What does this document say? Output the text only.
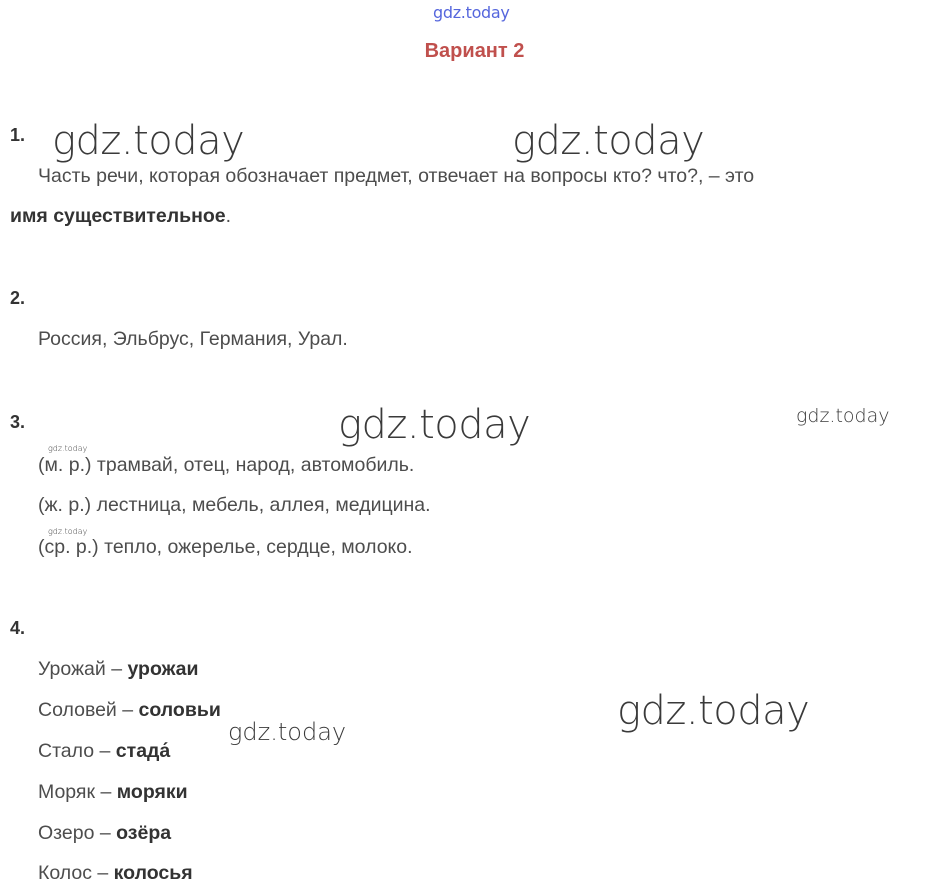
gdz.today
Вариант 2
1.
Часть речи, которая обозначает предмет, отвечает на вопросы кто? что?, – это
имя существительное.
2.
Россия, Эльбрус, Германия, Урал.
3.
(м. р.) трамвай, отец, народ, автомобиль.
(ж. р.) лестница, мебель, аллея, медицина.
(ср. р.) тепло, ожерелье, сердце, молоко.
4.
Урожай – урожаи
Соловей – соловьи
Стало – стада́
Моряк – моряки
Озеро – озёра
Колос – колосья
gdz.today	gdz.today
gdz.today	gdz.today
gdz.today
gdz.today
gdz.today
gdz.today
